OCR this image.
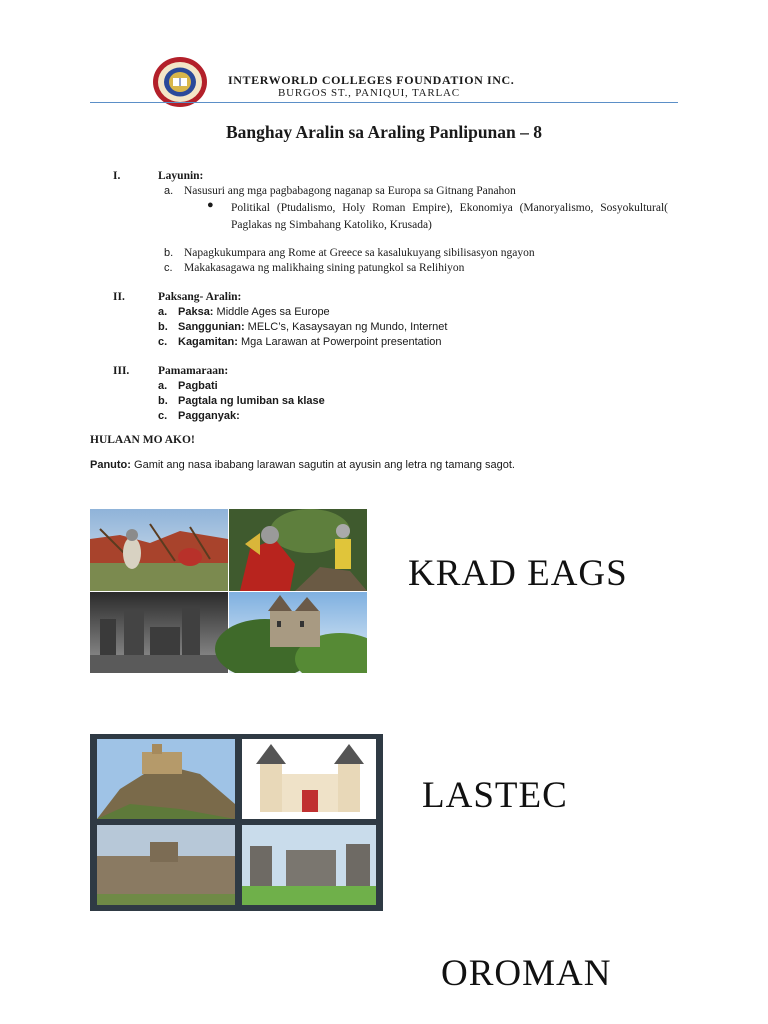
INTERWORLD COLLEGES FOUNDATION INC.
BURGOS ST., PANIQUI, TARLAC
Banghay Aralin sa Araling Panlipunan – 8
I.	Layunin:
a. Nasusuri ang mga pagbabagong naganap sa Europa sa Gitnang Panahon
● Politikal (Ptudalismo, Holy Roman Empire), Ekonomiya (Manoryalismo, Sosyokultural( Paglakas ng Simbahang Katoliko, Krusada)
b. Napagkukumpara ang Rome at Greece sa kasalukuyang sibilisasyon ngayon
c. Makakasagawa ng malikhaing sining patungkol sa Relihiyon
II.	Paksang- Aralin:
a. Paksa: Middle Ages sa Europe
b. Sanggunian: MELC’s, Kasaysayan ng Mundo, Internet
c. Kagamitan: Mga Larawan at Powerpoint presentation
III. Pamamaraan:
a. Pagbati
b. Pagtala ng lumiban sa klase
c. Pagganyak:
HULAAN MO AKO!
Panuto: Gamit ang nasa ibabang larawan sagutin at ayusin ang letra ng tamang sagot.
KRAD EAGS
LASTEC
OROMAN
